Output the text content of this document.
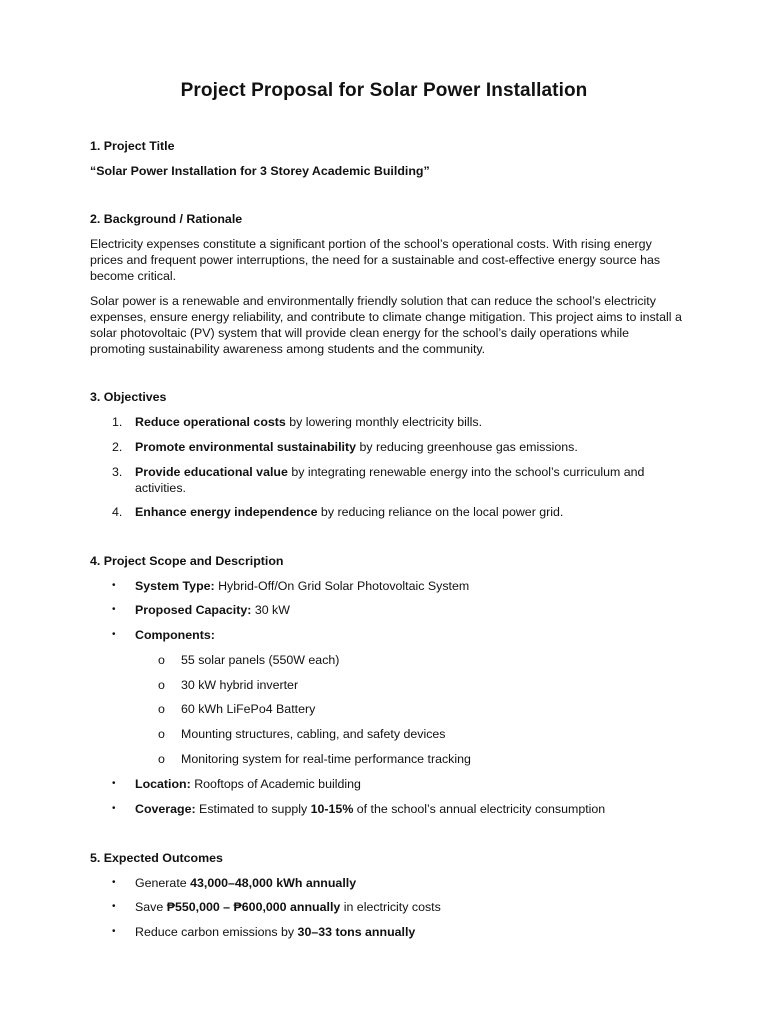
Project Proposal for Solar Power Installation
1. Project Title
“Solar Power Installation for 3 Storey Academic Building”
2. Background / Rationale
Electricity expenses constitute a significant portion of the school’s operational costs. With rising energy prices and frequent power interruptions, the need for a sustainable and cost-effective energy source has become critical.
Solar power is a renewable and environmentally friendly solution that can reduce the school’s electricity expenses, ensure energy reliability, and contribute to climate change mitigation. This project aims to install a solar photovoltaic (PV) system that will provide clean energy for the school’s daily operations while promoting sustainability awareness among students and the community.
3. Objectives
1. Reduce operational costs by lowering monthly electricity bills.
2. Promote environmental sustainability by reducing greenhouse gas emissions.
3. Provide educational value by integrating renewable energy into the school’s curriculum and activities.
4. Enhance energy independence by reducing reliance on the local power grid.
4. Project Scope and Description
• System Type: Hybrid-Off/On Grid Solar Photovoltaic System
• Proposed Capacity: 30 kW
• Components:
o 55 solar panels (550W each)
o 30 kW hybrid inverter
o 60 kWh LiFePo4 Battery
o Mounting structures, cabling, and safety devices
o Monitoring system for real-time performance tracking
• Location: Rooftops of Academic building
• Coverage: Estimated to supply 10-15% of the school’s annual electricity consumption
5. Expected Outcomes
• Generate 43,000–48,000 kWh annually
• Save ₱550,000 – ₱600,000 annually in electricity costs
• Reduce carbon emissions by 30–33 tons annually
